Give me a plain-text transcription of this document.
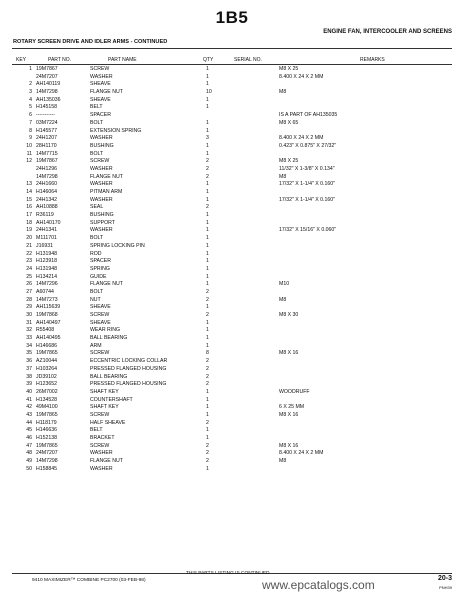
1B5
ENGINE FAN, INTERCOOLER AND SCREENS
ROTARY SCREEN DRIVE AND IDLER ARMS - CONTINUED
KEY	PART NO.	PART NAME	QTY	SERIAL NO.	REMARKS
1 19M7867	SCREW	1	M8 X 25
24M7207	WASHER	1	8.400 X 24 X 2 MM
2 AH140119	SHEAVE	1
3 14M7298	FLANGE NUT	10	M8
4 AH135036	SHEAVE	1
5 H145158	BELT	1
6 -----------	SPACER	IS A PART OF AH135035
7 03M7224	BOLT	1	M8 X 65
8 H145577	EXTENSION SPRING	1
9 24H1207	WASHER	3	8.400 X 24 X 2 MM
10 28H1170	BUSHING	1	0.423" X 0.875" X 27/32"
11 14M7715	BOLT	1
12 19M7867	SCREW	2	M8 X 25
24H1296	WASHER	2	11/32" X 1-3/8" X 0.134"
14M7298	FLANGE NUT	2	M8
13 24H1660	WASHER	1	17/32" X 1-1/4" X 0.160"
14 H146064	PITMAN ARM	1
15 24H1342	WASHER	1	17/32" X 1-1/4" X 0.160"
16 AH10888	SEAL	2
17 R36119	BUSHING	1
18 AH140170	SUPPORT	1
19 24H1341	WASHER	1	17/32" X 15/16" X 0.060"
20 M111701	BOLT	1
21 J16931	SPRING LOCKING PIN	1
22 H131948	ROD	1
23 H123918	SPACER	1
24 H131948	SPRING	1
25 H134214	GUIDE	1
26 14M7296	FLANGE NUT	1	M10
27 A60744	BOLT	2
28 14M7273	NUT	2	M8
29 AH115639	SHEAVE	1
30 19M7868	SCREW	2	M8 X 30
31 AH140497	SHEAVE	1
32 R55408	WEAR RING	1
33 AH140495	BALL BEARING	1
34 H146686	ARM	1
35 19M7865	SCREW	8	M8 X 16
36 AZ10044	ECCENTRIC LOCKING COLLAR	2
37 H103264	PRESSED FLANGED HOUSING	2
38 JD39102	BALL BEARING	2
39 H123652	PRESSED FLANGED HOUSING	2
40 26M7002	SHAFT KEY	1	WOODRUFF
41 H134528	COUNTERSHAFT	1
42 49M4100	SHAFT KEY	1	6 X 25 MM
43 19M7865	SCREW	1	M8 X 16
44 H118179	HALF SHEAVE	2
45 H146636	BELT	1
46 H152138	BRACKET	1
47 19M7865	SCREW	2	M8 X 16
48 24M7207	WASHER	2	8.400 X 24 X 2 MM
49 14M7298	FLANGE NUT	2	M8
50 H158845	WASHER	1
THIS PARTS LISTING IS CONTINUED
9410 MAXIMIZER™ COMBINE PC2700 (03-FEB-98)	www.epcatalogs.com	20-3
PNH39
